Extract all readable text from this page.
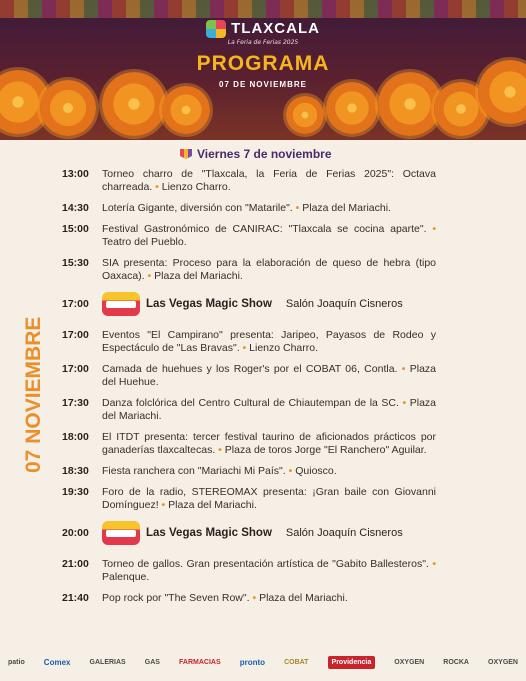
TLAXCALA
La Feria de Ferias 2025
PROGRAMA
07 DE NOVIEMBRE
Viernes 7 de noviembre
07 NOVIEMBRE
13:00	Torneo charro de "Tlaxcala, la Feria de Ferias 2025": Octava charreada. • Lienzo Charro.
14:30	Lotería Gigante, diversión con "Matarile". • Plaza del Mariachi.
15:00	Festival Gastronómico de CANIRAC: "Tlaxcala se cocina aparte". • Teatro del Pueblo.
15:30	SIA presenta: Proceso para la elaboración de queso de hebra (tipo Oaxaca). • Plaza del Mariachi.
17:00	Las Vegas Magic Show Salón Joaquín Cisneros
17:00	Eventos "El Campirano" presenta: Jaripeo, Payasos de Rodeo y Espectáculo de "Las Bravas". • Lienzo Charro.
17:00	Camada de huehues y los Roger's por el COBAT 06, Contla. • Plaza del Huehue.
17:30	Danza folclórica del Centro Cultural de Chiautempan de la SC. • Plaza del Mariachi.
18:00	El ITDT presenta: tercer festival taurino de aficionados prácticos por ganaderías tlaxcaltecas. • Plaza de toros Jorge "El Ranchero" Aguilar.
18:30	Fiesta ranchera con "Mariachi Mi País". • Quiosco.
19:30	Foro de la radio, STEREOMAX presenta: ¡Gran baile con Giovanni Domínguez! • Plaza del Mariachi.
20:00	Las Vegas Magic Show Salón Joaquín Cisneros
21:00	Torneo de gallos. Gran presentación artística de "Gabito Ballesteros". • Palenque.
21:40	Pop rock por "The Seven Row". • Plaza del Mariachi.
patio Comex	GALERIAS	GAS	FARMACIAS pronto	COBAT	Providencia	OXYGEN	ROCKA	OXYGEN
